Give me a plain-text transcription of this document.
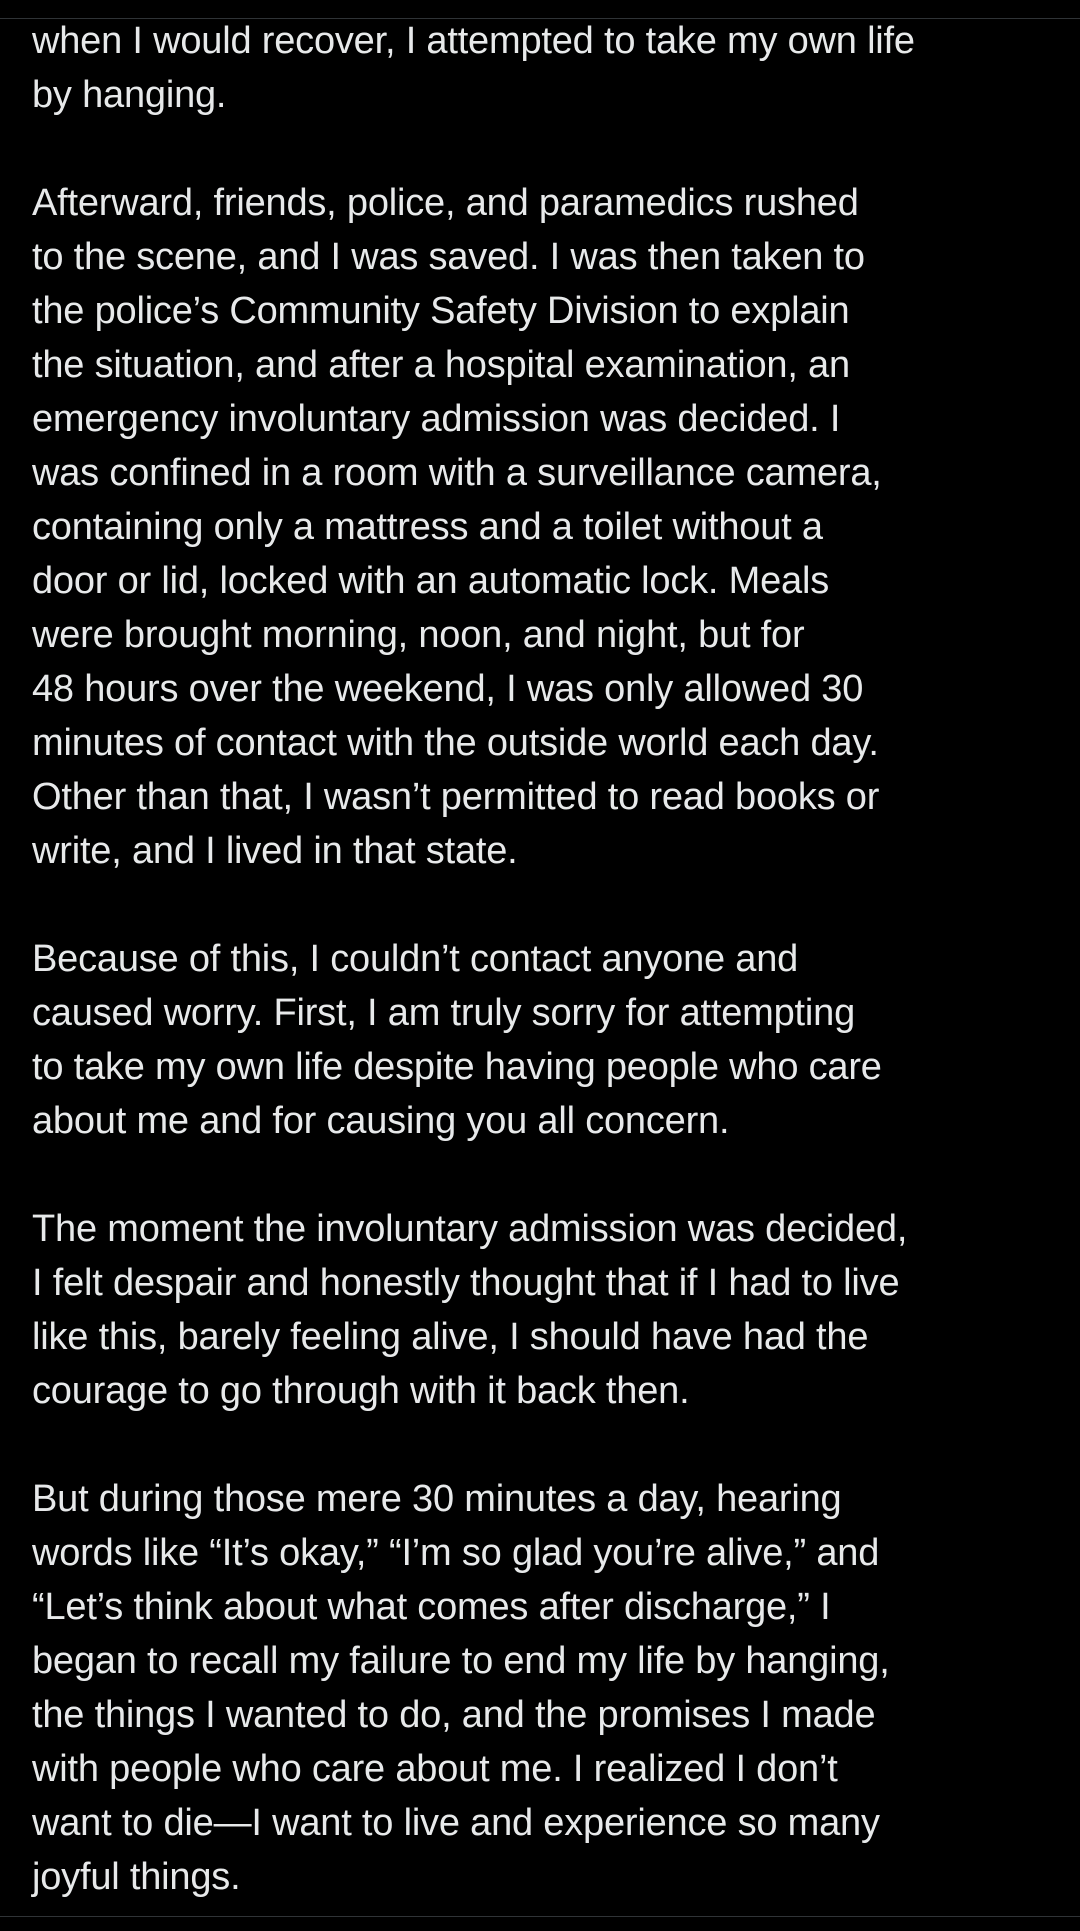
when I would recover, I attempted to take my own life
by hanging.

Afterward, friends, police, and paramedics rushed
to the scene, and I was saved. I was then taken to
the police’s Community Safety Division to explain
the situation, and after a hospital examination, an
emergency involuntary admission was decided. I
was confined in a room with a surveillance camera,
containing only a mattress and a toilet without a
door or lid, locked with an automatic lock. Meals
were brought morning, noon, and night, but for
48 hours over the weekend, I was only allowed 30
minutes of contact with the outside world each day.
Other than that, I wasn’t permitted to read books or
write, and I lived in that state.

Because of this, I couldn’t contact anyone and
caused worry. First, I am truly sorry for attempting
to take my own life despite having people who care
about me and for causing you all concern.

The moment the involuntary admission was decided,
I felt despair and honestly thought that if I had to live
like this, barely feeling alive, I should have had the
courage to go through with it back then.

But during those mere 30 minutes a day, hearing
words like “It’s okay,” “I’m so glad you’re alive,” and
“Let’s think about what comes after discharge,” I
began to recall my failure to end my life by hanging,
the things I wanted to do, and the promises I made
with people who care about me. I realized I don’t
want to die—I want to live and experience so many
joyful things.
